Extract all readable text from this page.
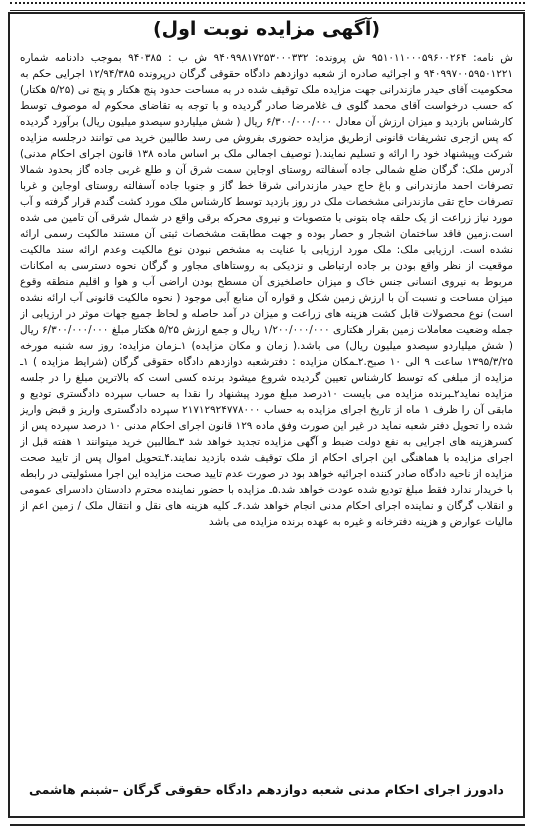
(آگهی مزایده نوبت اول)

ش نامه: ۹۵۱۰۱۱۰۰۰۵۹۶۰۰۲۶۴ ش پرونده: ۹۴۰۹۹۸۱۷۲۵۳۰۰۰۳۳۲ ش ب : ۹۴۰۳۸۵ بموجب دادنامه شماره ۹۴۰۹۹۷۰۰۵۹۵۰۱۲۲۱ و اجرائیه صادره از شعبه دوازدهم دادگاه حقوقی گرگان درپرونده ۱۲/۹۴/۳۸۵ اجرایی حکم به محکومیت آقای حیدر مازندرانی جهت مزایده ملک توقیف شده در به مساحت حدود پنج هکتار و پنج نی (۵/۲۵ هکتار) که حسب درخواست آقای محمد گلوی ف غلامرضا صادر گردیده و با توجه به تقاضای محکوم له موصوف توسط کارشناس بازدید و میزان ارزش آن معادل ۶/۳۰۰/۰۰۰/۰۰۰ ریال ( شش میلیاردو سیصدو میلیون ریال) برآورد گردیده که پس ازجری تشریفات قانونی ازطریق مزایده حضوری بفروش می رسد طالبین خرید می توانند درجلسه مزایده شرکت وپیشنهاد خود را ارائه و تسلیم نمایند.( توصیف اجمالی ملک بر اساس ماده ۱۳۸ قانون اجرای احکام مدنی) آدرس ملک: گرگان ضلع شمالی جاده آسفالته روستای اوجاین سمت شرق آن و طلع غربی جاده گاز بحدود شمالا تصرفات احمد مازندرانی و باغ حاج حیدر مازندرانی شرقا خط گاز و جنوبا جاده آسفالته روستای اوجاین و غربا تصرفات حاج تقی مازندرانی مشخصات ملک در روز بازدید توسط کارشناس ملک مورد کشت گندم قرار گرفته و آب مورد نیاز زراعت از یک حلقه چاه بتونی با متصوبات و نیروی محرکه برقی واقع در شمال شرقی آن تامین می شده است.زمین فاقد ساختمان اشجار و حصار بوده و جهت مطابقت مشخصات ثبتی آن مستند مالکیت رسمی ارائه نشده است. ارزیابی ملک: ملک مورد ارزیابی با عنایت به مشخص نبودن نوع مالکیت وعدم ارائه سند مالکیت موقعیت از نظر واقع بودن بر جاده ارتباطی و نزدیکی به روستاهای مجاور و گرگان نحوه دسترسی به امکانات مربوط به نیروی انسانی جنس خاک و میزان حاصلخیزی آن مسطح بودن اراضی آب و هوا و اقلیم منطقه وقوع میزان مساحت و نسبت آن با ارزش زمین شکل و قواره آن منابع آبی موجود ( نحوه مالکیت قانونی آب ارائه نشده است) نوع محصولات قابل کشت هزینه های زراعت و میزان در آمد حاصله و لحاظ جمیع جهات موثر در ارزیابی از جمله وضعیت معاملات زمین بقرار هکتاری ۱/۲۰۰/۰۰۰/۰۰۰ ریال و جمع ارزش ۵/۲۵ هکتار مبلغ ۶/۳۰۰/۰۰۰/۰۰۰ ریال ( شش میلیاردو سیصدو میلیون ریال) می باشد.( زمان و مکان مزایده) ۱ـزمان مزایده: روز سه شنبه مورخه ۱۳۹۵/۳/۲۵ ساعت ۹ الی ۱۰ صبح.۲ـمکان مزایده : دفترشعبه دوازدهم دادگاه حقوقی گرگان (شرایط مزایده ) ۱ـ مزایده از مبلغی که توسط کارشناس تعیین گردیده شروع میشود برنده کسی است که بالاترین مبلغ را در جلسه مزایده نماید۲ـبرنده مزایده می بایست ۱۰درصد مبلغ مورد پیشنهاد را نقدا به حساب سپرده دادگستری تودیع و مابقی آن را ظرف ۱ ماه از تاریخ اجرای مزایده به حساب ۲۱۷۱۲۹۲۴۷۷۸۰۰۰ سپرده دادگستری واریز و قبض واریز شده را تحویل دفتر شعبه نماید در غیر این صورت وفق ماده ۱۲۹ قانون اجرای احکام مدنی ۱۰ درصد سپرده پس از کسرهزینه های اجرایی به نفع دولت ضبط و آگهی مزایده تجدید خواهد شد ۳ـطالبین خرید میتوانند ۱ هفته قبل از اجرای مزایده با هماهنگی این اجرای احکام از ملک توقیف شده بازدید نمایند.۴ـتحویل اموال پس از تایید صحت مزایده از ناحیه دادگاه صادر کننده اجرائیه خواهد بود در صورت عدم تایید صحت مزایده این اجرا مسئولیتی در رابطه با خریدار ندارد فقط مبلغ تودیع شده عودت خواهد شد.۵ـ مزایده با حضور نماینده محترم دادستان دادسرای عمومی و انقلاب گرگان و نماینده اجرای احکام مدنی انجام خواهد شد.۶ـ کلیه هزینه های نقل و انتقال ملک / زمین اعم از مالیات عوارض و هزینه دفترخانه و غیره به عهده برنده مزایده می باشد

دادورز اجرای احکام مدنی شعبه دوازدهم دادگاه حقوقی گرگان –شبنم هاشمی
